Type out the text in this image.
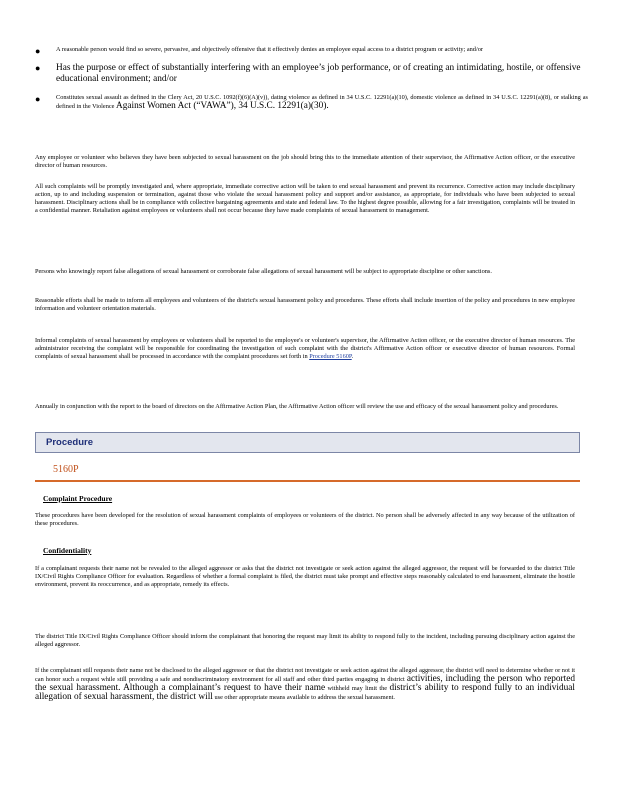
● A reasonable person would find so severe, pervasive, and objectively offensive that it effectively denies an employee equal access to a district program or activity; and/or
● Has the purpose or effect of substantially interfering with an employee’s job performance, or of creating an intimidating, hostile, or offensive educational environment; and/or
● Constitutes sexual assault as defined in the Clery Act, 20 U.S.C. 1092(f)(6)(A)(v)), dating violence as defined in 34 U.S.C. 12291(a)(10), domestic violence as defined in 34 U.S.C. 12291(a)(8), or stalking as defined in the Violence Against Women Act (“VAWA”), 34 U.S.C. 12291(a)(30).
Any employee or volunteer who believes they have been subjected to sexual harassment on the job should bring this to the immediate attention of their supervisor, the Affirmative Action officer, or the executive director of human resources.
All such complaints will be promptly investigated and, where appropriate, immediate corrective action will be taken to end sexual harassment and prevent its recurrence. Corrective action may include disciplinary action, up to and including suspension or termination, against those who violate the sexual harassment policy and support and/or assistance, as appropriate, for individuals who have been subjected to sexual harassment. Disciplinary actions shall be in compliance with collective bargaining agreements and state and federal law. To the highest degree possible, allowing for a fair investigation, complaints will be treated in a confidential manner. Retaliation against employees or volunteers shall not occur because they have made complaints of sexual harassment to management.
Persons who knowingly report false allegations of sexual harassment or corroborate false allegations of sexual harassment will be subject to appropriate discipline or other sanctions.
Reasonable efforts shall be made to inform all employees and volunteers of the district's sexual harassment policy and procedures. These efforts shall include insertion of the policy and procedures in new employee information and volunteer orientation materials.
Informal complaints of sexual harassment by employees or volunteers shall be reported to the employee's or volunteer's supervisor, the Affirmative Action officer, or the executive director of human resources. The administrator receiving the complaint will be responsible for coordinating the investigation of such complaint with the district's Affirmative Action officer or executive director of human resources. Formal complaints of sexual harassment shall be processed in accordance with the complaint procedures set forth in Procedure 5160P.
Annually in conjunction with the report to the board of directors on the Affirmative Action Plan, the Affirmative Action officer will review the use and efficacy of the sexual harassment policy and procedures.
Procedure
5160P
Complaint Procedure
These procedures have been developed for the resolution of sexual harassment complaints of employees or volunteers of the district. No person shall be adversely affected in any way because of the utilization of these procedures.
Confidentiality
If a complainant requests their name not be revealed to the alleged aggressor or asks that the district not investigate or seek action against the alleged aggressor, the request will be forwarded to the district Title IX/Civil Rights Compliance Officer for evaluation. Regardless of whether a formal complaint is filed, the district must take prompt and effective steps reasonably calculated to end harassment, eliminate the hostile environment, prevent its reoccurrence, and as appropriate, remedy its effects.
The district Title IX/Civil Rights Compliance Officer should inform the complainant that honoring the request may limit its ability to respond fully to the incident, including pursuing disciplinary action against the alleged aggressor.
If the complainant still requests their name not be disclosed to the alleged aggressor or that the district not investigate or seek action against the alleged aggressor, the district will need to determine whether or not it can honor such a request while still providing a safe and nondiscriminatory environment for all staff and other third parties engaging in district activities, including the person who reported the sexual harassment. Although a complainant’s request to have their name withheld may limit the district’s ability to respond fully to an individual allegation of sexual harassment, the district will use other appropriate means available to address the sexual harassment.
